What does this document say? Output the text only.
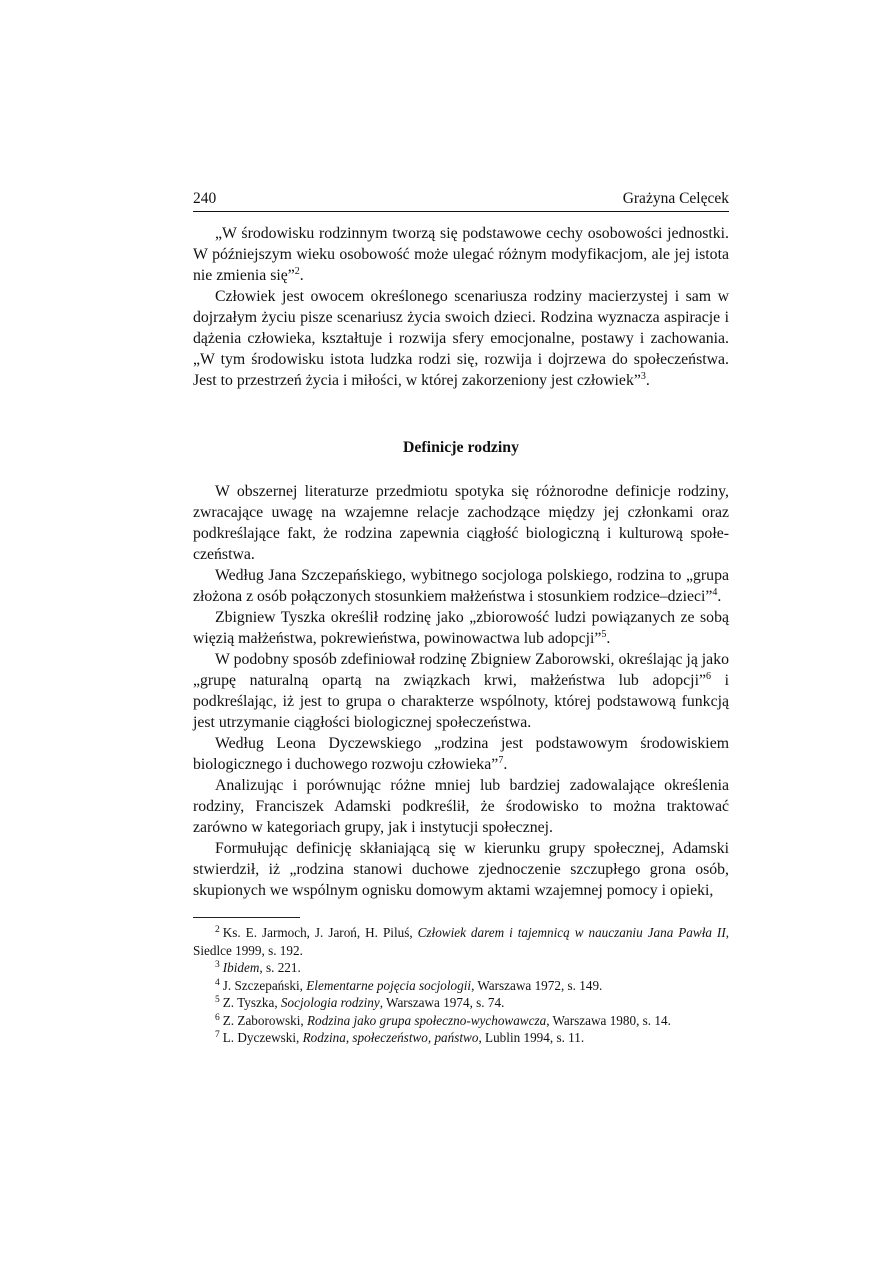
240	Grażyna Celęcek

„W środowisku rodzinnym tworzą się podstawowe cechy osobowości jednostki. W późniejszym wieku osobowość może ulegać różnym modyfikacjom, ale jej istota nie zmienia się”$^2$.

Człowiek jest owocem określonego scenariusza rodziny macierzystej i sam w dojrzałym życiu pisze scenariusz życia swoich dzieci. Rodzina wyznacza aspiracje i dążenia człowieka, kształtuje i rozwija sfery emocjonalne, postawy i zachowania. „W tym środowisku istota ludzka rodzi się, rozwija i dojrzewa do społeczeństwa. Jest to przestrzeń życia i miłości, w której zakorzeniony jest człowiek”$^3$.

Definicje rodziny

W obszernej literaturze przedmiotu spotyka się różnorodne definicje rodziny, zwracające uwagę na wzajemne relacje zachodzące między jej członkami oraz podkreślające fakt, że rodzina zapewnia ciągłość biologiczną i kulturową społeczeństwa.

Według Jana Szczepańskiego, wybitnego socjologa polskiego, rodzina to „grupa złożona z osób połączonych stosunkiem małżeństwa i stosunkiem rodzice–dzieci”$^4$.

Zbigniew Tyszka określił rodzinę jako „zbiorowość ludzi powiązanych ze sobą więzią małżeństwa, pokrewieństwa, powinowactwa lub adopcji”$^5$.

W podobny sposób zdefiniował rodzinę Zbigniew Zaborowski, określając ją jako „grupę naturalną opartą na związkach krwi, małżeństwa lub adopcji”$^6$ i podkreślając, iż jest to grupa o charakterze wspólnoty, której podstawową funkcją jest utrzymanie ciągłości biologicznej społeczeństwa.

Według Leona Dyczewskiego „rodzina jest podstawowym środowiskiem biologicznego i duchowego rozwoju człowieka”$^7$.

Analizując i porównując różne mniej lub bardziej zadowalające określenia rodziny, Franciszek Adamski podkreślił, że środowisko to można traktować zarówno w kategoriach grupy, jak i instytucji społecznej.

Formułując definicję skłaniającą się w kierunku grupy społecznej, Adamski stwierdził, iż „rodzina stanowi duchowe zjednoczenie szczupłego grona osób, skupionych we wspólnym ognisku domowym aktami wzajemnej pomocy i opieki,

$^2$ Ks. E. Jarmoch, J. Jaroń, H. Piluś, Człowiek darem i tajemnicą w nauczaniu Jana Pawła II, Siedlce 1999, s. 192.

$^3$ Ibidem, s. 221.

$^4$ J. Szczepański, Elementarne pojęcia socjologii, Warszawa 1972, s. 149.

$^5$ Z. Tyszka, Socjologia rodziny, Warszawa 1974, s. 74.

$^6$ Z. Zaborowski, Rodzina jako grupa społeczno-wychowawcza, Warszawa 1980, s. 14.

$^7$ L. Dyczewski, Rodzina, społeczeństwo, państwo, Lublin 1994, s. 11.
